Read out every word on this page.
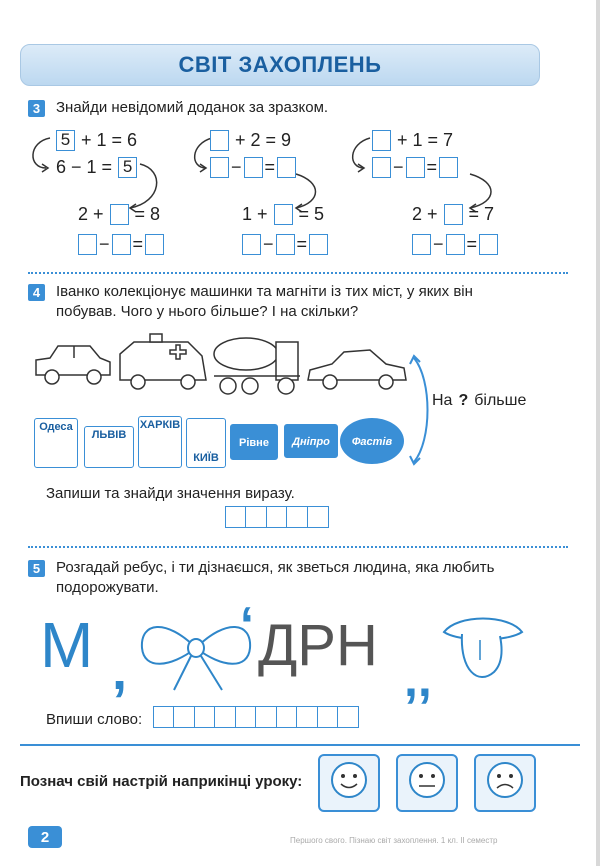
СВІТ ЗАХОПЛЕНЬ
3	Знайди невідомий доданок за зразком.
5 + 1 = 6
6 − 1 = 5
+ 2 = 9
− =
+ 1 = 7
− =
2 + = 8
− =
1 + = 5
− =
2 + = 7
− =
4	Іванко колекціонує машинки та магніти із тих міст, у яких він
побував. Чого у нього більше? І на скільки?
На ? більше
Одеса
ЛЬВІВ
ХАРКІВ
КИЇВ
Рівне	Дніпро	Фастів
Запиши та знайди значення виразу.
5	Розгадай ребус, і ти дізнаєшся, як зветься людина, яка любить
подорожувати.
М ,
‘ ДРН
,,
Впиши слово:
Познач свій настрій наприкінці уроку:
2	Першого свого. Пізнаю світ захоплення. 1 кл. ІІ семестр
